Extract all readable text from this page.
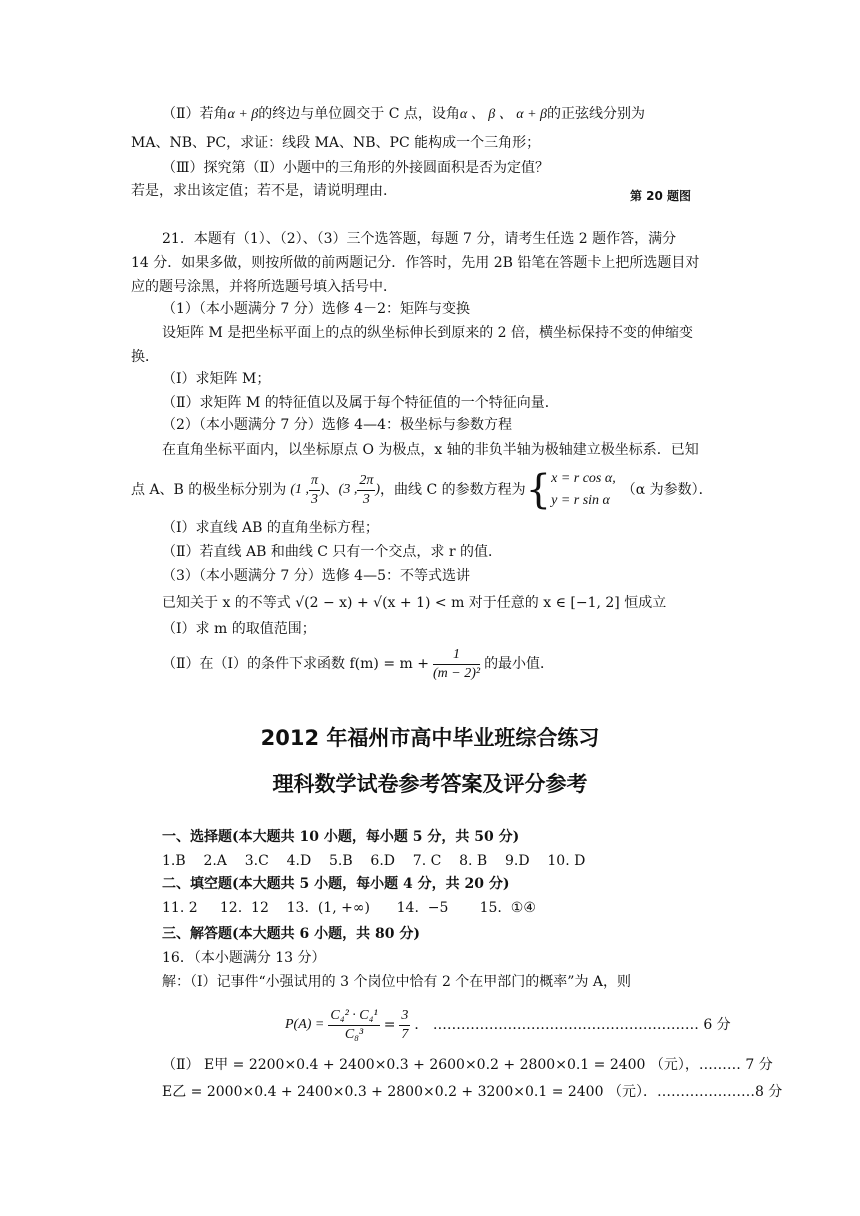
（Ⅱ）若角α + β的终边与单位圆交于 C 点，设角α 、 β 、 α + β的正弦线分别为
MA、NB、PC，求证：线段 MA、NB、PC 能构成一个三角形；
（Ⅲ）探究第（Ⅱ）小题中的三角形的外接圆面积是否为定值？
若是，求出该定值；若不是，请说明理由.	第 20 题图
21．本题有（1）、（2）、（3）三个选答题，每题 7 分，请考生任选 2 题作答，满分
14 分．如果多做，则按所做的前两题记分．作答时，先用 2B 铅笔在答题卡上把所选题目对
应的题号涂黑，并将所选题号填入括号中．
（1）（本小题满分 7 分）选修 4－2：矩阵与变换
设矩阵 M 是把坐标平面上的点的纵坐标伸长到原来的 2 倍，横坐标保持不变的伸缩变
换．
（Ⅰ）求矩阵 M；
（Ⅱ）求矩阵 M 的特征值以及属于每个特征值的一个特征向量．
（2）（本小题满分 7 分）选修 4—4：极坐标与参数方程
在直角坐标平面内，以坐标原点 O 为极点，x 轴的非负半轴为极轴建立极坐标系．已知
点 A、B 的极坐标分别为 (1 , $\frac{\pi}{3}$ ) 、 (3 , $\frac{2\pi}{3}$ ) ，曲线 C 的参数方程为 { x = r cos α,
y = r sin α
（α 为参数）．
（Ⅰ）求直线 AB 的直角坐标方程；
（Ⅱ）若直线 AB 和曲线 C 只有一个交点，求 r 的值．
（3）（本小题满分 7 分）选修 4—5：不等式选讲
已知关于 x 的不等式 √(2 − x) + √(x + 1) < m 对于任意的 x ∈ [−1, 2] 恒成立
（Ⅰ）求 m 的取值范围；
（Ⅱ）在（Ⅰ）的条件下求函数 $f(m) = m + \frac{1}{\text{(m − 2)²}}$ 的最小值．
2012 年福州市高中毕业班综合练习
理科数学试卷参考答案及评分参考
一、选择题(本大题共 10 小题，每小题 5 分，共 50 分)
1.B    2.A    3.C    4.D    5.B    6.D    7. C    8. B    9.D    10. D
二、填空题(本大题共 5 小题，每小题 4 分，共 20 分)
11. 2     12.  12    13.  (1, +∞)      14.  −5       15.  ①④
三、解答题(本大题共 6 小题，共 80 分)
16．（本小题满分 13 分）
解：（Ⅰ）记事件“小强试用的 3 个岗位中恰有 2 个在甲部门的概率”为 A，则
$P(A) = \frac{\text{C₄² · C₄¹}}{\text{C₈³}} = \frac{3}{7}$ ． ………………………………………………… 6 分
（Ⅱ） E甲 = 2200×0.4 + 2400×0.3 + 2600×0.2 + 2800×0.1 = 2400 （元），……… 7 分
E乙 = 2000×0.4 + 2400×0.3 + 2800×0.2 + 3200×0.1 = 2400 （元）．…………………8 分
